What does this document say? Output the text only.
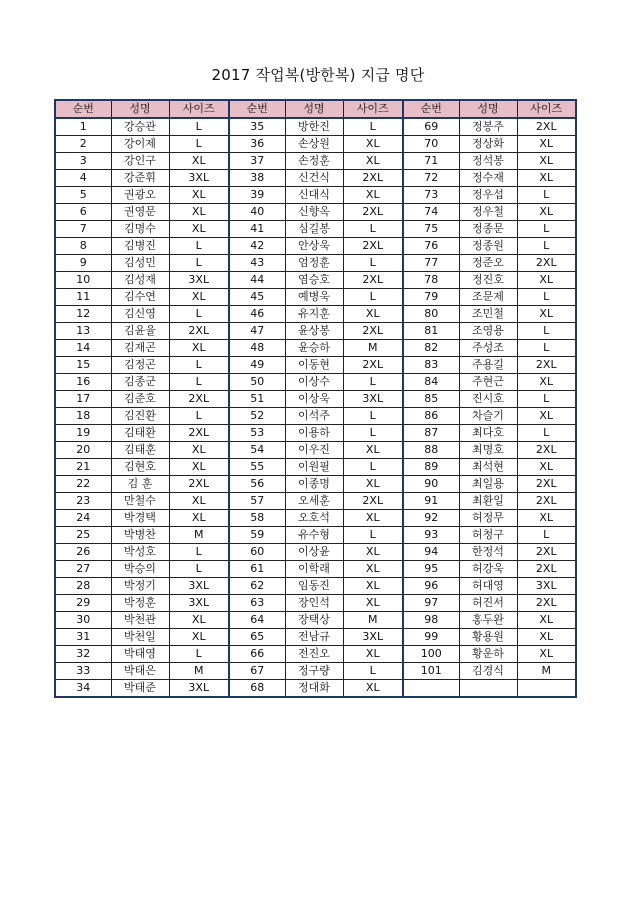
2017 작업복(방한복) 지급 명단
순번	성명	사이즈	순번	성명	사이즈	순번	성명	사이즈
1	강승관	L	35	방한진	L	69	정봉주	2XL
2	강이제	L	36	손상원	XL	70	정상화	XL
3	강인구	XL	37	손정훈	XL	71	정석봉	XL
4	강준휘	3XL	38	신건식	2XL	72	정수재	XL
5	권광오	XL	39	신대식	XL	73	정우섭	L
6	권영문	XL	40	신향옥	2XL	74	정우철	XL
7	김명수	XL	41	심길봉	L	75	정종문	L
8	김병진	L	42	안상욱	2XL	76	정종원	L
9	김성민	L	43	엄정훈	L	77	정준오	2XL
10	김성재	3XL	44	염승호	2XL	78	정진호	XL
11	김수연	XL	45	예병욱	L	79	조문제	L
12	김신영	L	46	유지훈	XL	80	조민철	XL
13	김윤율	2XL	47	윤상봉	2XL	81	조영용	L
14	김재곤	XL	48	윤승하	M	82	주성조	L
15	김정곤	L	49	이동현	2XL	83	주용길	2XL
16	김종군	L	50	이상수	L	84	주현근	XL
17	김준호	2XL	51	이상욱	3XL	85	진시호	L
18	김진환	L	52	이석주	L	86	차슬기	XL
19	김태환	2XL	53	이용하	L	87	최다호	L
20	김태훈	XL	54	이우진	XL	88	최명호	2XL
21	김현호	XL	55	이원필	L	89	최석현	XL
22	김 훈	2XL	56	이종명	XL	90	최일용	2XL
23	만철수	XL	57	오세훈	2XL	91	최환일	2XL
24	박경택	XL	58	오호석	XL	92	허정무	XL
25	박병찬	M	59	유수형	L	93	허청구	L
26	박성호	L	60	이상윤	XL	94	한정석	2XL
27	박승의	L	61	이학래	XL	95	허강욱	2XL
28	박정기	3XL	62	임동진	XL	96	허대영	3XL
29	박정훈	3XL	63	장인석	XL	97	허진서	2XL
30	박천관	XL	64	장택상	M	98	홍두완	XL
31	박천일	XL	65	전남규	3XL	99	황용원	XL
32	박태영	L	66	전진오	XL	100	황운하	XL
33	박태은	M	67	정구량	L	101	김경식	M
34	박태준	3XL	68	정대화	XL			
